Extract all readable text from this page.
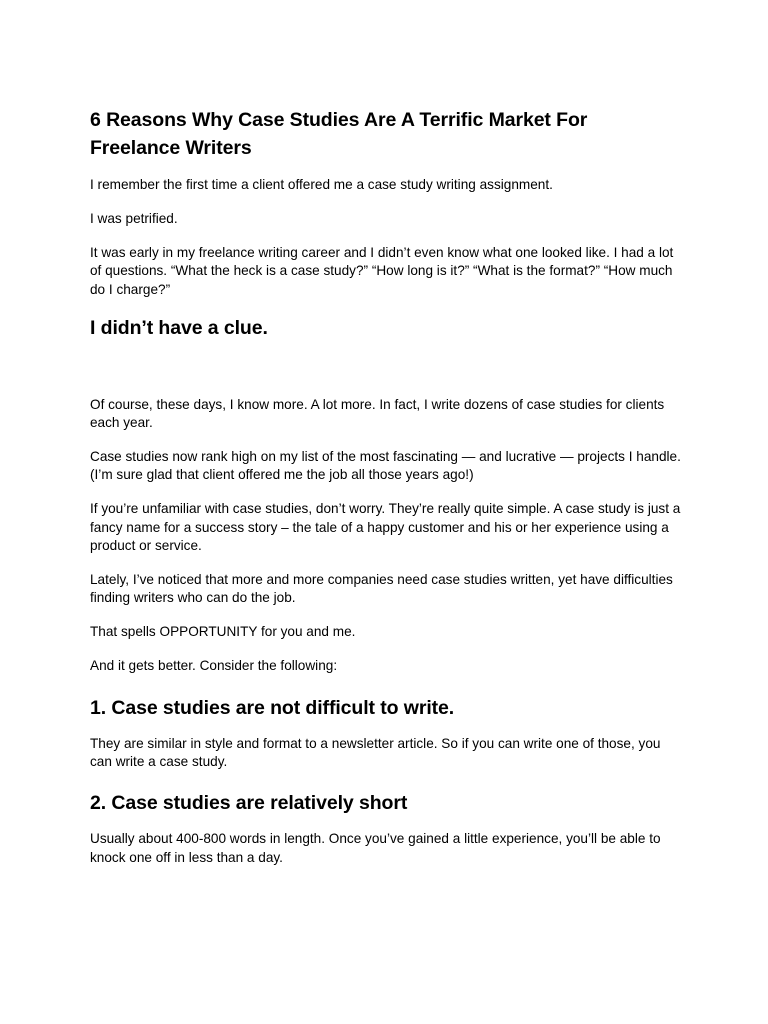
6 Reasons Why Case Studies Are A Terrific Market For Freelance Writers

I remember the first time a client offered me a case study writing assignment.

I was petrified.

It was early in my freelance writing career and I didn’t even know what one looked like. I had a lot of questions. “What the heck is a case study?” “How long is it?” “What is the format?” “How much do I charge?”

I didn’t have a clue.

Of course, these days, I know more. A lot more. In fact, I write dozens of case studies for clients each year.

Case studies now rank high on my list of the most fascinating — and lucrative — projects I handle. (I’m sure glad that client offered me the job all those years ago!)

If you’re unfamiliar with case studies, don’t worry. They’re really quite simple. A case study is just a fancy name for a success story – the tale of a happy customer and his or her experience using a product or service.

Lately, I’ve noticed that more and more companies need case studies written, yet have difficulties finding writers who can do the job.

That spells OPPORTUNITY for you and me.

And it gets better. Consider the following:

1. Case studies are not difficult to write.

They are similar in style and format to a newsletter article. So if you can write one of those, you can write a case study.

2. Case studies are relatively short

Usually about 400-800 words in length. Once you’ve gained a little experience, you’ll be able to knock one off in less than a day.
